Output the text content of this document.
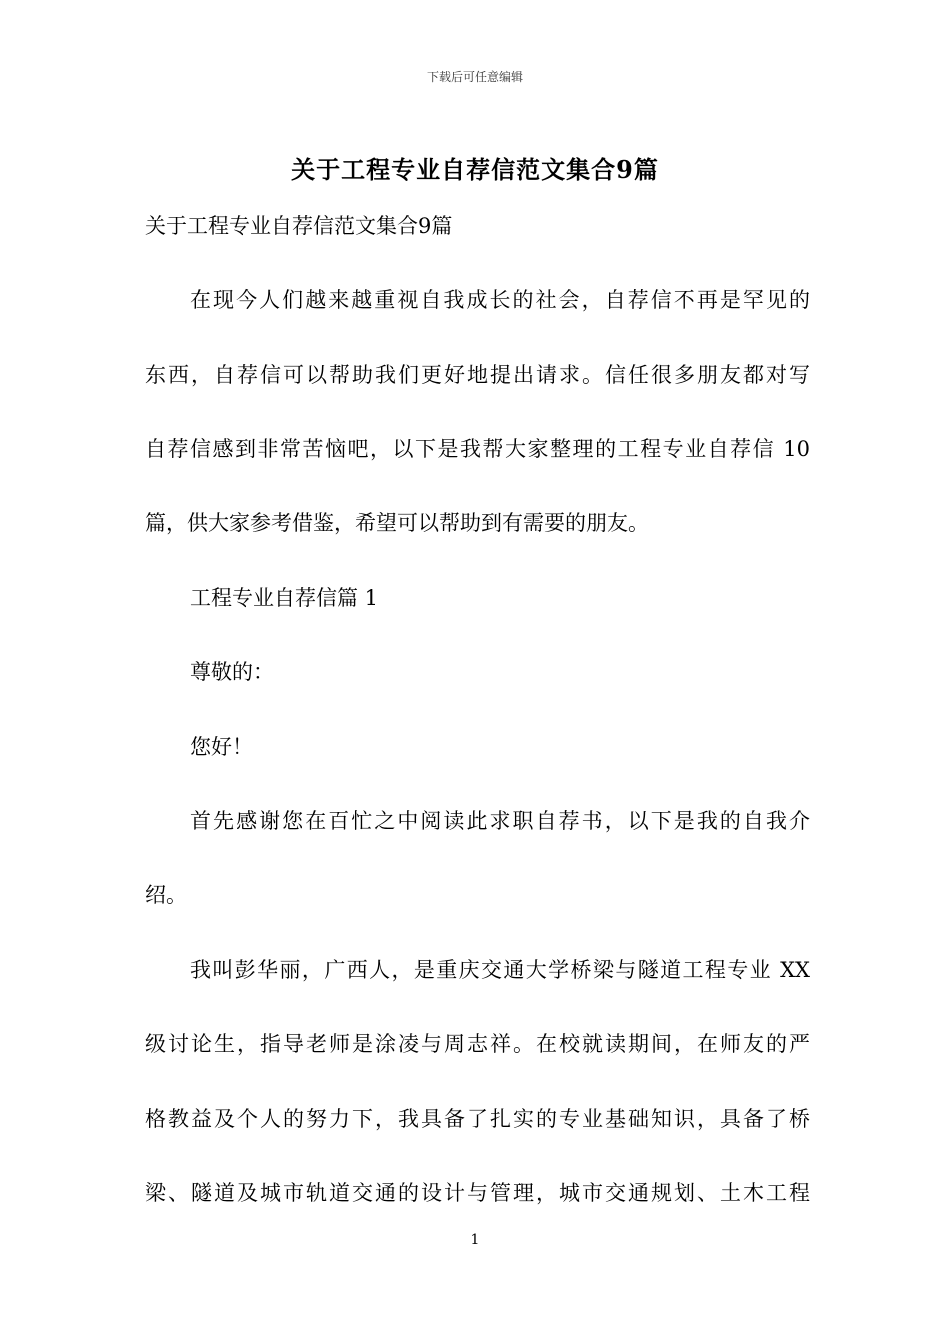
下载后可任意编辑
关于工程专业自荐信范文集合9篇
关于工程专业自荐信范文集合9篇
在现今人们越来越重视自我成长的社会，自荐信不再是罕见的
东西，自荐信可以帮助我们更好地提出请求。信任很多朋友都对写
自荐信感到非常苦恼吧，以下是我帮大家整理的工程专业自荐信 10
篇，供大家参考借鉴，希望可以帮助到有需要的朋友。
工程专业自荐信篇 1
尊敬的：
您好！
首先感谢您在百忙之中阅读此求职自荐书，以下是我的自我介
绍。
我叫彭华丽，广西人，是重庆交通大学桥梁与隧道工程专业 XX
级讨论生，指导老师是涂凌与周志祥。在校就读期间，在师友的严
格教益及个人的努力下，我具备了扎实的专业基础知识，具备了桥
梁、隧道及城市轨道交通的设计与管理，城市交通规划、土木工程
1
